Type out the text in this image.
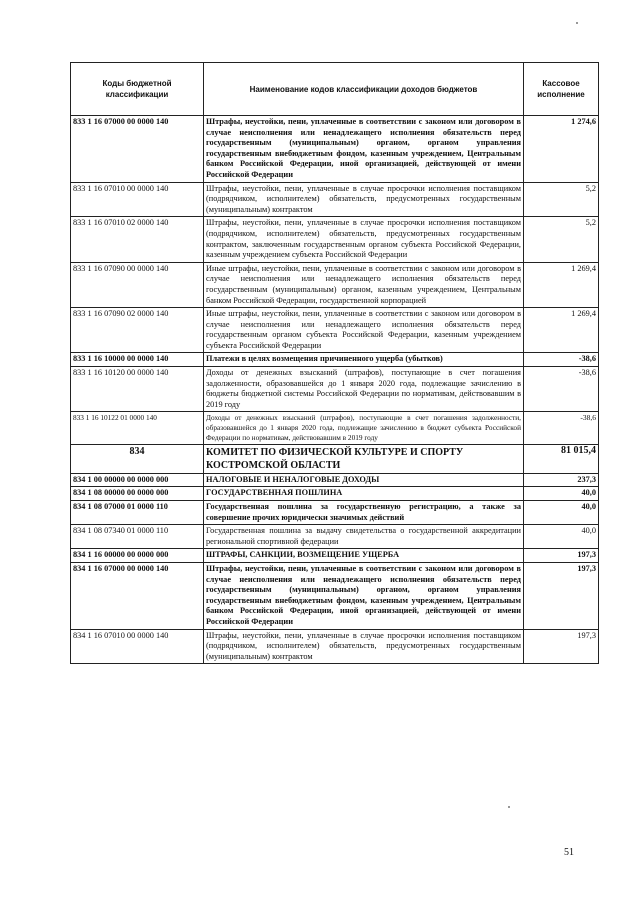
Коды бюджетной классификации	Наименование кодов классификации доходов бюджетов	Кассовое исполнение
833 1 16 07000 00 0000 140	Штрафы, неустойки, пени, уплаченные в соответствии с законом или договором в случае неисполнения или ненадлежащего исполнения обязательств перед государственным (муниципальным) органом, органом управления государственным внебюджетным фондом, казенным учреждением, Центральным банком Российской Федерации, иной организацией, действующей от имени Российской Федерации	1 274,6
833 1 16 07010 00 0000 140	Штрафы, неустойки, пени, уплаченные в случае просрочки исполнения поставщиком (подрядчиком, исполнителем) обязательств, предусмотренных государственным (муниципальным) контрактом	5,2
833 1 16 07010 02 0000 140	Штрафы, неустойки, пени, уплаченные в случае просрочки исполнения поставщиком (подрядчиком, исполнителем) обязательств, предусмотренных государственным контрактом, заключенным государственным органом субъекта Российской Федерации, казенным учреждением субъекта Российской Федерации	5,2
833 1 16 07090 00 0000 140	Иные штрафы, неустойки, пени, уплаченные в соответствии с законом или договором в случае неисполнения или ненадлежащего исполнения обязательств перед государственным (муниципальным) органом, казенным учреждением, Центральным банком Российской Федерации, государственной корпорацией	1 269,4
833 1 16 07090 02 0000 140	Иные штрафы, неустойки, пени, уплаченные в соответствии с законом или договором в случае неисполнения или ненадлежащего исполнения обязательств перед государственным органом субъекта Российской Федерации, казенным учреждением субъекта Российской Федерации	1 269,4
833 1 16 10000 00 0000 140	Платежи в целях возмещения причиненного ущерба (убытков)	-38,6
833 1 16 10120 00 0000 140	Доходы от денежных взысканий (штрафов), поступающие в счет погашения задолженности, образовавшейся до 1 января 2020 года, подлежащие зачислению в бюджеты бюджетной системы Российской Федерации по нормативам, действовавшим в 2019 году	-38,6
833 1 16 10122 01 0000 140	Доходы от денежных взысканий (штрафов), поступающие в счет погашения задолженности, образовавшейся до 1 января 2020 года, подлежащие зачислению в бюджет субъекта Российской Федерации по нормативам, действовавшим в 2019 году	-38,6
834	КОМИТЕТ ПО ФИЗИЧЕСКОЙ КУЛЬТУРЕ И СПОРТУ КОСТРОМСКОЙ ОБЛАСТИ	81 015,4
834 1 00 00000 00 0000 000	НАЛОГОВЫЕ И НЕНАЛОГОВЫЕ ДОХОДЫ	237,3
834 1 08 00000 00 0000 000	ГОСУДАРСТВЕННАЯ ПОШЛИНА	40,0
834 1 08 07000 01 0000 110	Государственная пошлина за государственную регистрацию, а также за совершение прочих юридически значимых действий	40,0
834 1 08 07340 01 0000 110	Государственная пошлина за выдачу свидетельства о государственной аккредитации региональной спортивной федерации	40,0
834 1 16 00000 00 0000 000	ШТРАФЫ, САНКЦИИ, ВОЗМЕЩЕНИЕ УЩЕРБА	197,3
834 1 16 07000 00 0000 140	Штрафы, неустойки, пени, уплаченные в соответствии с законом или договором в случае неисполнения или ненадлежащего исполнения обязательств перед государственным (муниципальным) органом, органом управления государственным внебюджетным фондом, казенным учреждением, Центральным банком Российской Федерации, иной организацией, действующей от имени Российской Федерации	197,3
834 1 16 07010 00 0000 140	Штрафы, неустойки, пени, уплаченные в случае просрочки исполнения поставщиком (подрядчиком, исполнителем) обязательств, предусмотренных государственным (муниципальным) контрактом	197,3
51
